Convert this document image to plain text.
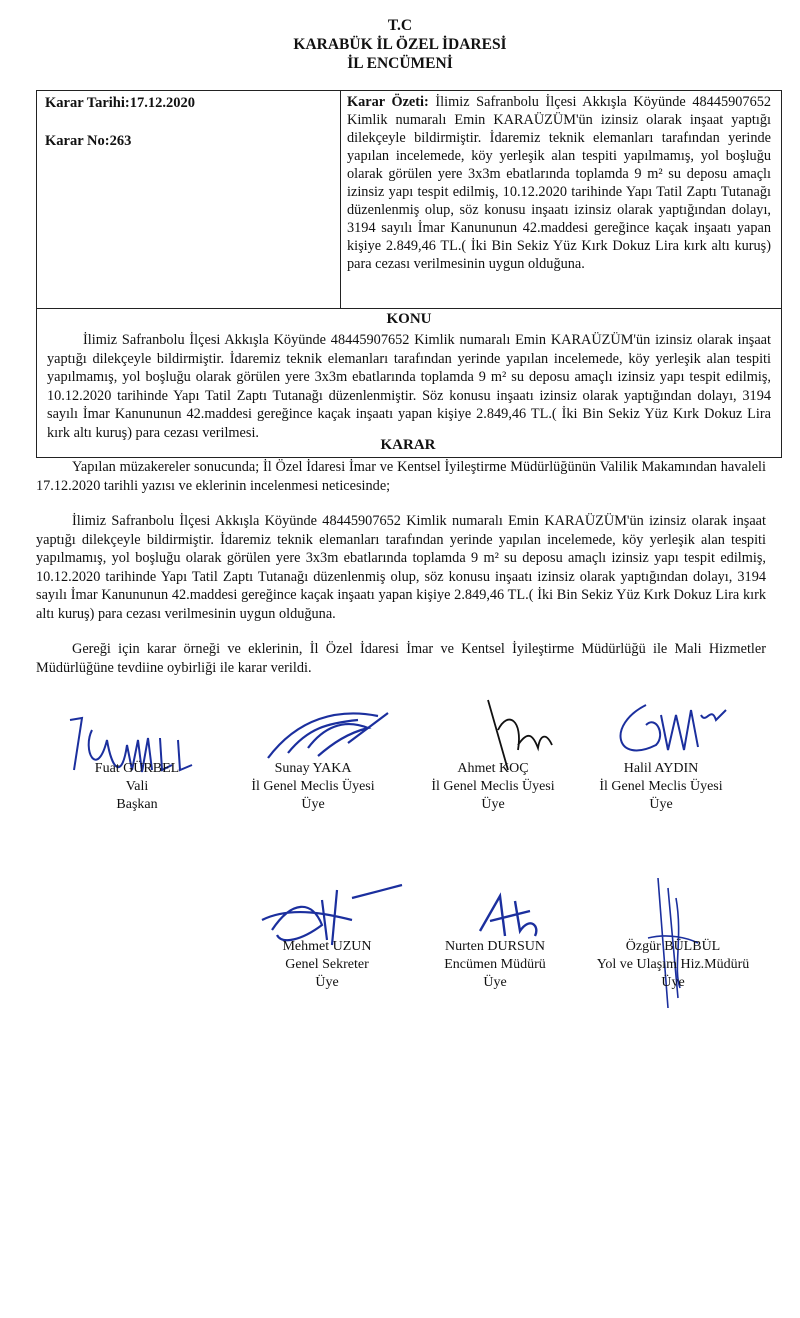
T.C
KARABÜK İL ÖZEL İDARESİ
İL ENCÜMENİ
Karar Tarihi:17.12.2020
Karar No:263
Karar Özeti: İlimiz Safranbolu İlçesi Akkışla Köyünde 48445907652 Kimlik numaralı Emin KARAÜZÜM'ün izinsiz olarak inşaat yaptığı dilekçeyle bildirmiştir. İdaremiz teknik elemanları tarafından yerinde yapılan incelemede, köy yerleşik alan tespiti yapılmamış, yol boşluğu olarak görülen yere 3x3m ebatlarında toplamda 9 m² su deposu amaçlı izinsiz yapı tespit edilmiş, 10.12.2020 tarihinde Yapı Tatil Zaptı Tutanağı düzenlenmiş olup, söz konusu inşaatı izinsiz olarak yaptığından dolayı, 3194 sayılı İmar Kanununun 42.maddesi gereğince kaçak inşaatı yapan kişiye 2.849,46 TL.( İki Bin Sekiz Yüz Kırk Dokuz Lira kırk altı kuruş) para cezası verilmesinin uygun olduğuna.
KONU
İlimiz Safranbolu İlçesi Akkışla Köyünde 48445907652 Kimlik numaralı Emin KARAÜZÜM'ün izinsiz olarak inşaat yaptığı dilekçeyle bildirmiştir. İdaremiz teknik elemanları tarafından yerinde yapılan incelemede, köy yerleşik alan tespiti yapılmamış, yol boşluğu olarak görülen yere 3x3m ebatlarında toplamda 9 m² su deposu amaçlı izinsiz yapı tespit edilmiş, 10.12.2020 tarihinde Yapı Tatil Zaptı Tutanağı düzenlenmiştir. Söz konusu inşaatı izinsiz olarak yaptığından dolayı, 3194 sayılı İmar Kanununun 42.maddesi gereğince kaçak inşaatı yapan kişiye 2.849,46 TL.( İki Bin Sekiz Yüz Kırk Dokuz Lira kırk altı kuruş) para cezası verilmesi.
KARAR
Yapılan müzakereler sonucunda; İl Özel İdaresi İmar ve Kentsel İyileştirme Müdürlüğünün Valilik Makamından havaleli 17.12.2020 tarihli yazısı ve eklerinin incelenmesi neticesinde;
İlimiz Safranbolu İlçesi Akkışla Köyünde 48445907652 Kimlik numaralı Emin KARAÜZÜM'ün izinsiz olarak inşaat yaptığı dilekçeyle bildirmiştir. İdaremiz teknik elemanları tarafından yerinde yapılan incelemede, köy yerleşik alan tespiti yapılmamış, yol boşluğu olarak görülen yere 3x3m ebatlarında toplamda 9 m² su deposu amaçlı izinsiz yapı tespit edilmiş, 10.12.2020 tarihinde Yapı Tatil Zaptı Tutanağı düzenlenmiş olup, söz konusu inşaatı izinsiz olarak yaptığından dolayı, 3194 sayılı İmar Kanununun 42.maddesi gereğince kaçak inşaatı yapan kişiye 2.849,46 TL.( İki Bin Sekiz Yüz Kırk Dokuz Lira kırk altı kuruş) para cezası verilmesinin uygun olduğuna.
Gereği için karar örneği ve eklerinin, İl Özel İdaresi İmar ve Kentsel İyileştirme Müdürlüğü ile Mali Hizmetler Müdürlüğüne tevdiine oybirliği ile karar verildi.
Fuat GÜRBEL
Vali
Başkan
Sunay YAKA
İl Genel Meclis Üyesi
Üye
Ahmet KOÇ
İl Genel Meclis Üyesi
Üye
Halil AYDIN
İl Genel Meclis Üyesi
Üye
Mehmet UZUN
Genel Sekreter
Üye
Nurten DURSUN
Encümen Müdürü
Üye
Özgür BÜLBÜL
Yol ve Ulaşım Hiz.Müdürü
Üye
